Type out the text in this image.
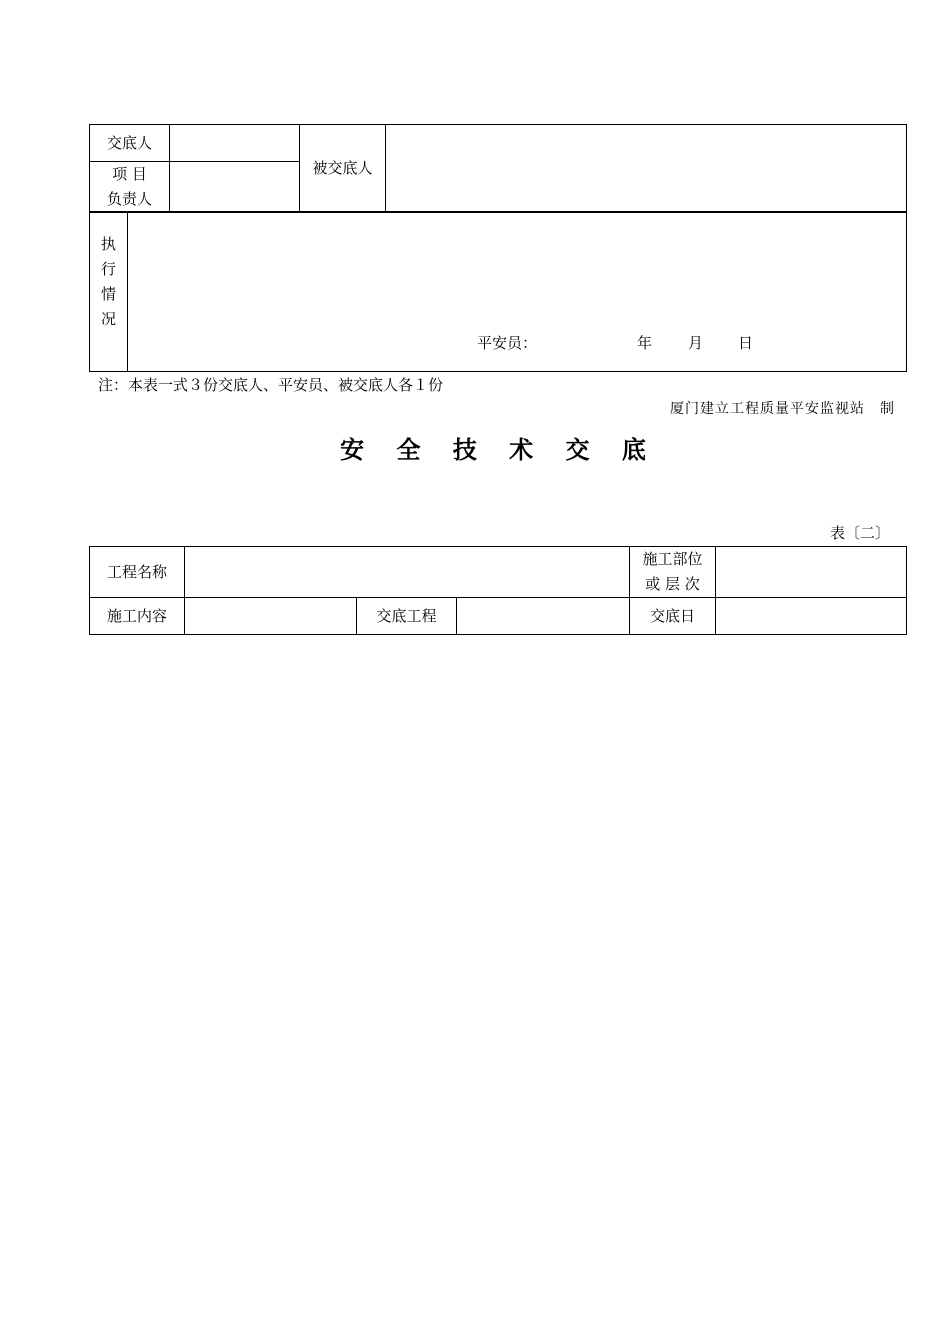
交底人		被交底人	

项 目
负责人			

执
行
情
况

平安员：	年 月 日
注：本表一式３份交底人、平安员、被交底人各１份
厦门建立工程质量平安监视站　制
安 全 技 术 交 底
表〔二〕
工程名称				施工部位
或 层 次	

施工内容		交底工程		交底日	
